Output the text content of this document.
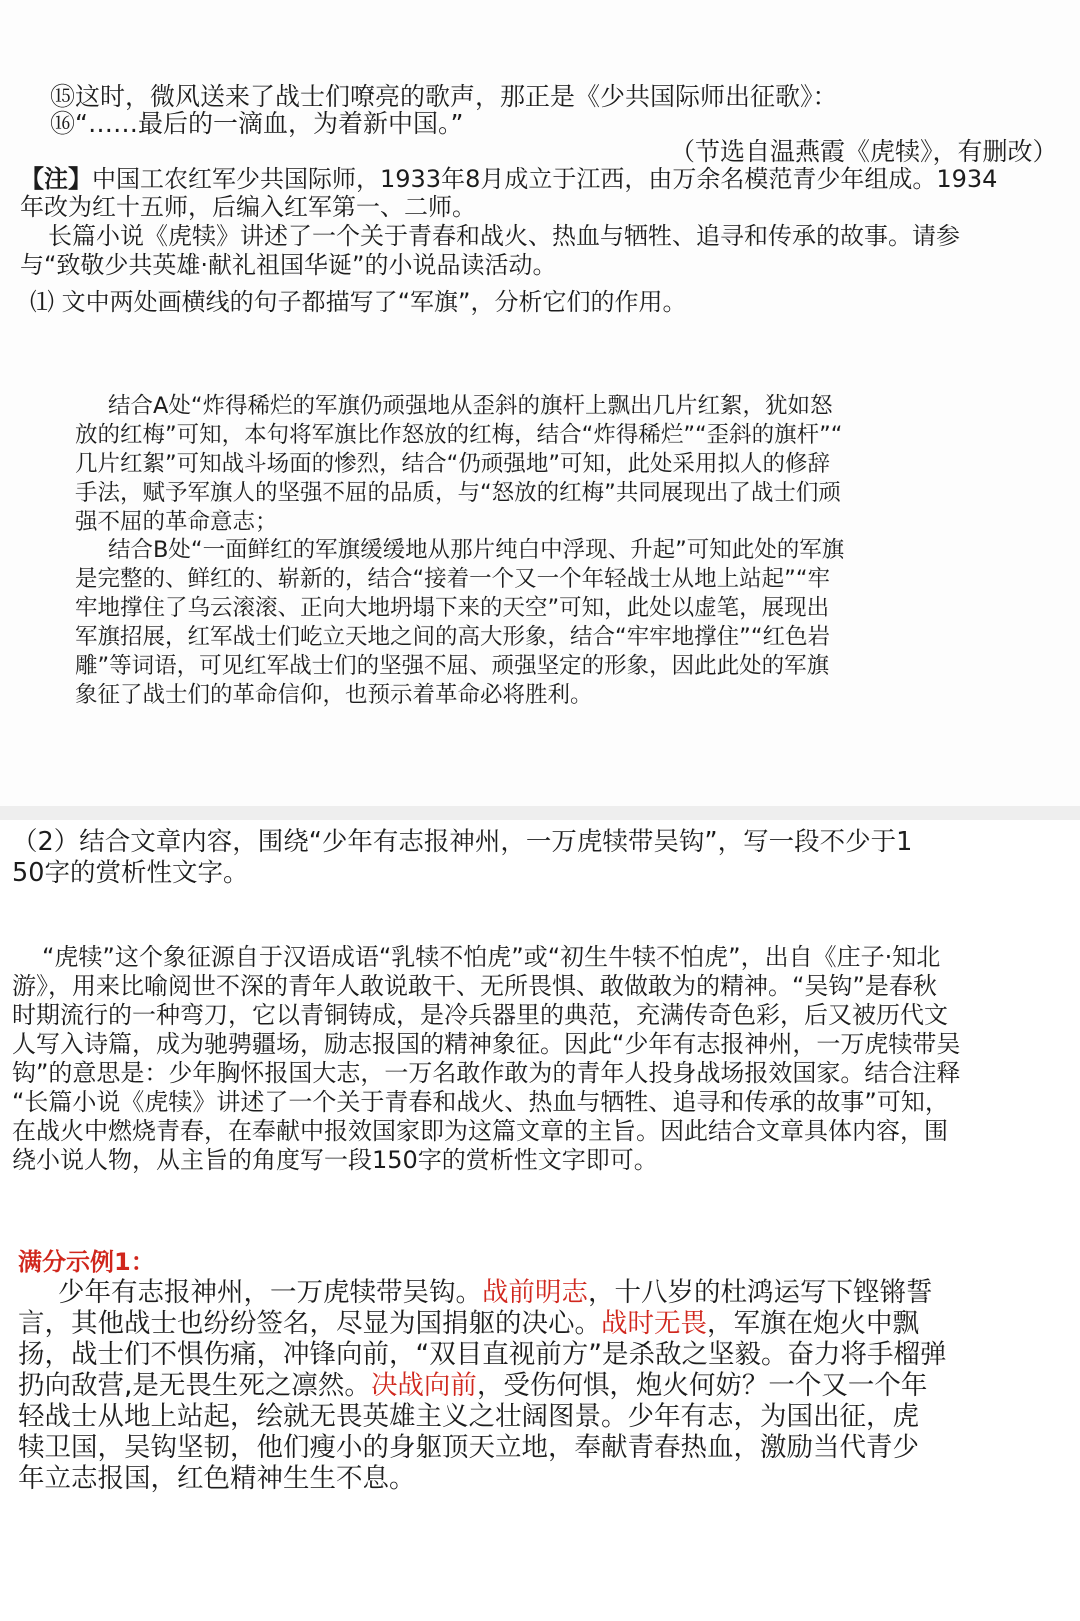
⑮这时，微风送来了战士们嘹亮的歌声，那正是《少共国际师出征歌》：
⑯“……最后的一滴血，为着新中国。”
（节选自温燕霞《虎犊》，有删改）
【注】中国工农红军少共国际师，1933年8月成立于江西，由万余名模范青少年组成。1934
年改为红十五师，后编入红军第一、二师。
长篇小说《虎犊》讲述了一个关于青春和战火、热血与牺牲、追寻和传承的故事。请参
与“致敬少共英雄·献礼祖国华诞”的小说品读活动。
⑴ 文中两处画横线的句子都描写了“军旗”，分析它们的作用。
结合A处“炸得稀烂的军旗仍顽强地从歪斜的旗杆上飘出几片红絮，犹如怒
放的红梅”可知，本句将军旗比作怒放的红梅，结合“炸得稀烂”“歪斜的旗杆”“
几片红絮”可知战斗场面的惨烈，结合“仍顽强地”可知，此处采用拟人的修辞
手法，赋予军旗人的坚强不屈的品质，与“怒放的红梅”共同展现出了战士们顽
强不屈的革命意志；
结合B处“一面鲜红的军旗缓缓地从那片纯白中浮现、升起”可知此处的军旗
是完整的、鲜红的、崭新的，结合“接着一个又一个年轻战士从地上站起”“牢
牢地撑住了乌云滚滚、正向大地坍塌下来的天空”可知，此处以虚笔，展现出
军旗招展，红军战士们屹立天地之间的高大形象，结合“牢牢地撑住”“红色岩
雕”等词语，可见红军战士们的坚强不屈、顽强坚定的形象，因此此处的军旗
象征了战士们的革命信仰，也预示着革命必将胜利。
（2）结合文章内容，围绕“少年有志报神州，一万虎犊带吴钩”，写一段不少于1
50字的赏析性文字。
“虎犊”这个象征源自于汉语成语“乳犊不怕虎”或“初生牛犊不怕虎”，出自《庄子·知北
游》，用来比喻阅世不深的青年人敢说敢干、无所畏惧、敢做敢为的精神。“吴钩”是春秋
时期流行的一种弯刀，它以青铜铸成，是冷兵器里的典范，充满传奇色彩，后又被历代文
人写入诗篇，成为驰骋疆场，励志报国的精神象征。因此“少年有志报神州，一万虎犊带吴
钩”的意思是：少年胸怀报国大志，一万名敢作敢为的青年人投身战场报效国家。结合注释
“长篇小说《虎犊》讲述了一个关于青春和战火、热血与牺牲、追寻和传承的故事”可知，
在战火中燃烧青春，在奉献中报效国家即为这篇文章的主旨。因此结合文章具体内容，围
绕小说人物，从主旨的角度写一段150字的赏析性文字即可。
满分示例1：
少年有志报神州，一万虎犊带吴钩。战前明志，十八岁的杜鸿运写下铿锵誓
言，其他战士也纷纷签名，尽显为国捐躯的决心。战时无畏，军旗在炮火中飘
扬，战士们不惧伤痛，冲锋向前，“双目直视前方”是杀敌之坚毅。奋力将手榴弹
扔向敌营,是无畏生死之凛然。决战向前，受伤何惧，炮火何妨？一个又一个年
轻战士从地上站起，绘就无畏英雄主义之壮阔图景。少年有志，为国出征，虎
犊卫国，吴钩坚韧，他们瘦小的身躯顶天立地，奉献青春热血，激励当代青少
年立志报国，红色精神生生不息。
